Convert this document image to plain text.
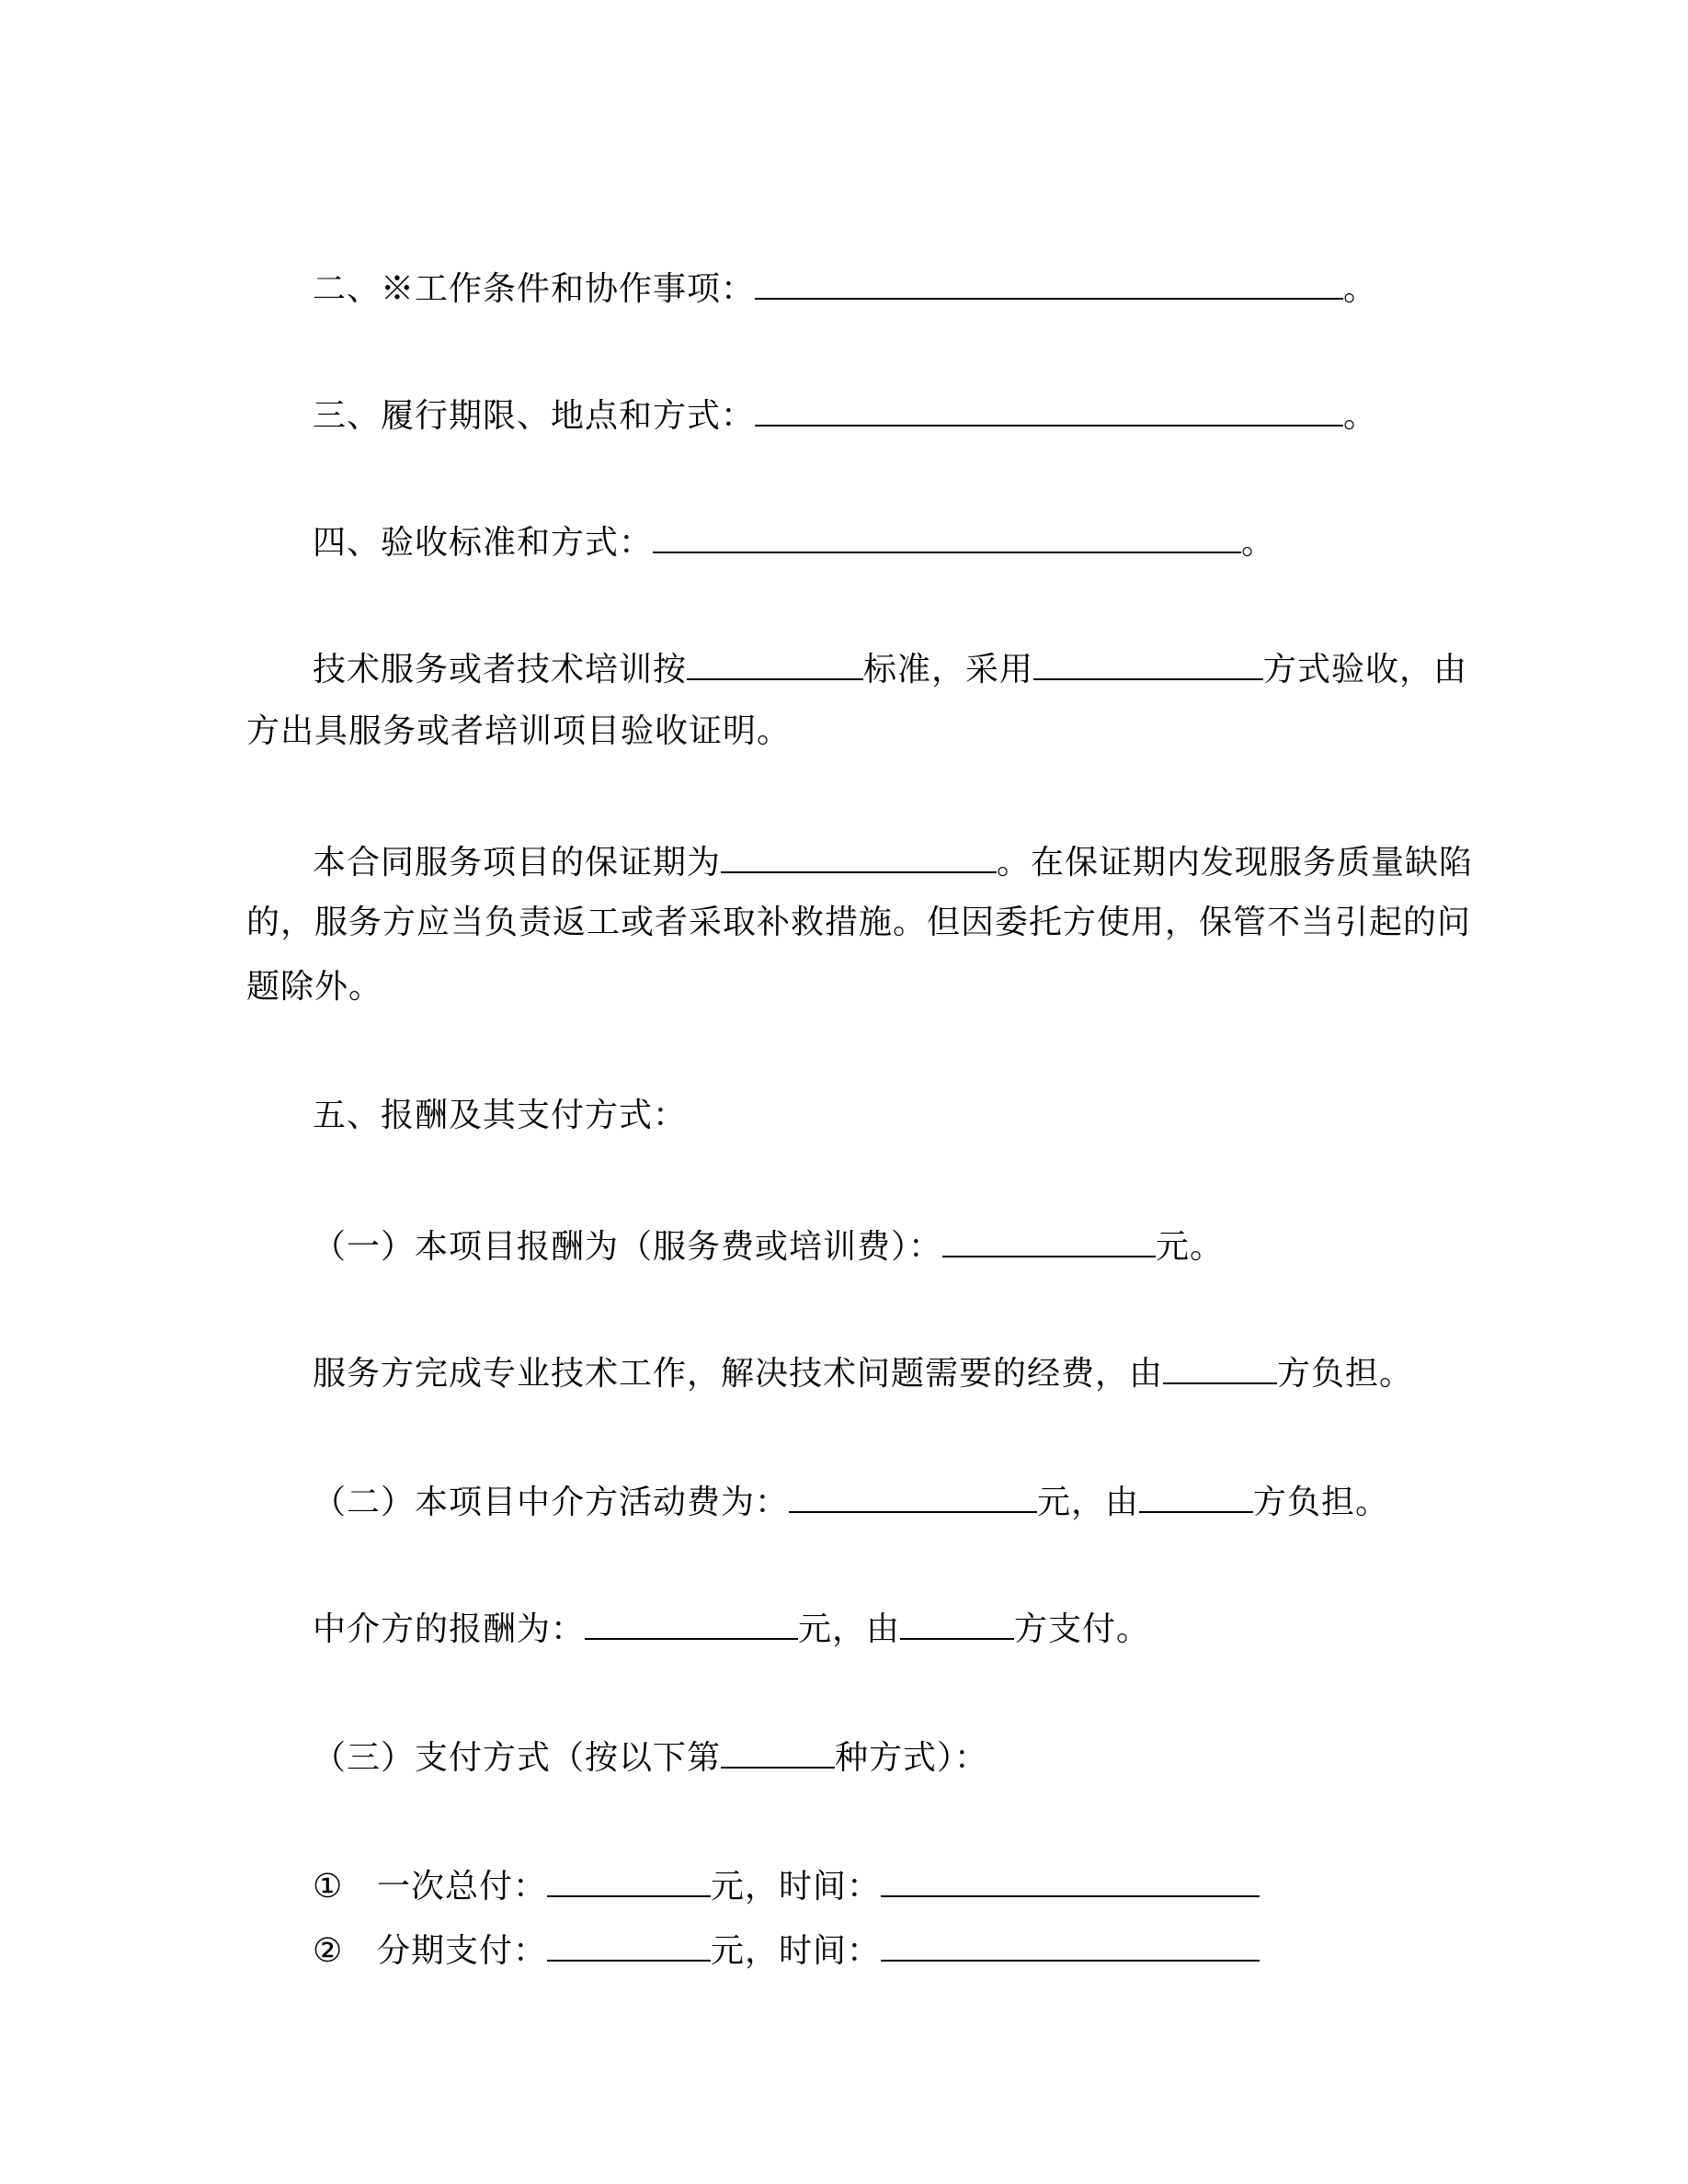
二、※工作条件和协作事项：	。
三、履行期限、地点和方式：	。
四、验收标准和方式：	。
技术服务或者技术培训按	标准，采用	方式验收，由
方出具服务或者培训项目验收证明。
本合同服务项目的保证期为	。在保证期内发现服务质量缺陷
的，服务方应当负责返工或者采取补救措施。但因委托方使用，保管不当引起的问
题除外。
五、报酬及其支付方式：
（一）本项目报酬为（服务费或培训费）：	元。
服务方完成专业技术工作，解决技术问题需要的经费，由	方负担。
（二）本项目中介方活动费为：	元，由	方负担。
中介方的报酬为：	元，由	方支付。
（三）支付方式（按以下第	种方式）：
① 一次总付：	元，时间：
② 分期支付：	元，时间：
